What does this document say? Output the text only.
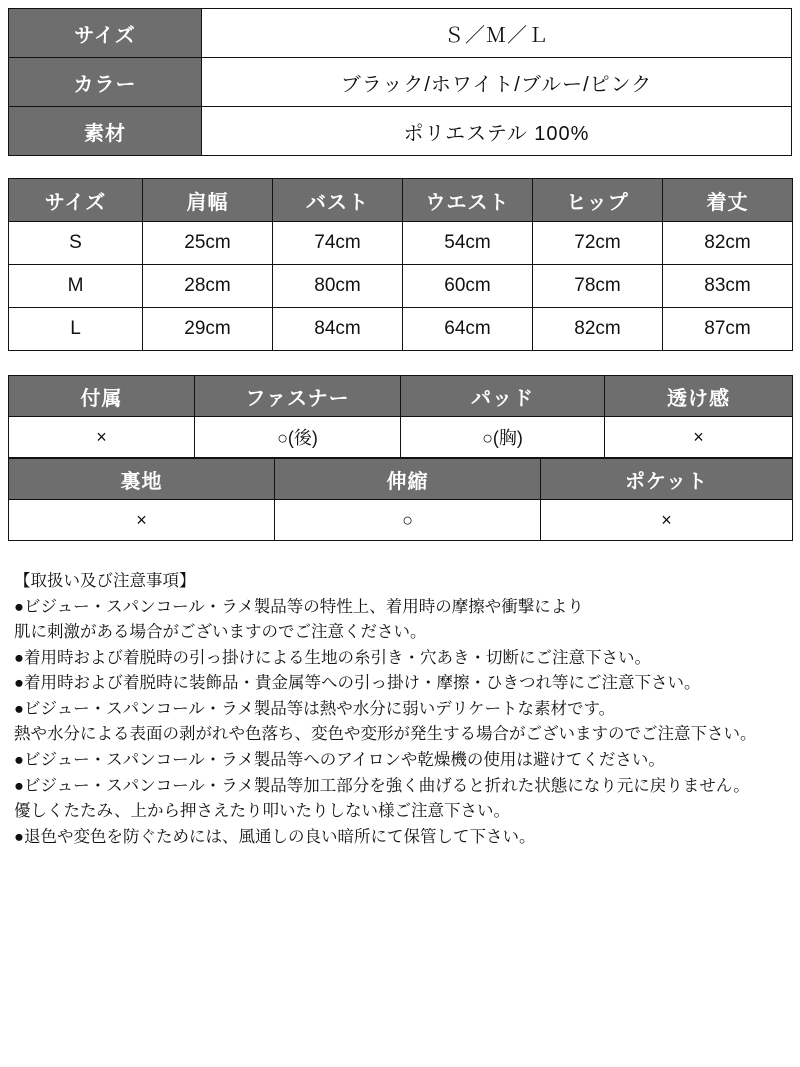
サイズ	Ｓ／Ｍ／Ｌ
カラー	ブラック/ホワイト/ブルー/ピンク
素材	ポリエステル 100%
サイズ	肩幅	バスト	ウエスト	ヒップ	着丈
S	25cm	74cm	54cm	72cm	82cm
M	28cm	80cm	60cm	78cm	83cm
L	29cm	84cm	64cm	82cm	87cm
付属	ファスナー	パッド	透け感
×	○(後)	○(胸)	×
裏地	伸縮	ポケット
×	○	×
【取扱い及び注意事項】
●ビジュー・スパンコール・ラメ製品等の特性上、着用時の摩擦や衝撃により
肌に刺激がある場合がございますのでご注意ください。
●着用時および着脱時の引っ掛けによる生地の糸引き・穴あき・切断にご注意下さい。
●着用時および着脱時に装飾品・貴金属等への引っ掛け・摩擦・ひきつれ等にご注意下さい。
●ビジュー・スパンコール・ラメ製品等は熱や水分に弱いデリケートな素材です。
熱や水分による表面の剥がれや色落ち、変色や変形が発生する場合がございますのでご注意下さい。
●ビジュー・スパンコール・ラメ製品等へのアイロンや乾燥機の使用は避けてください。
●ビジュー・スパンコール・ラメ製品等加工部分を強く曲げると折れた状態になり元に戻りません。
優しくたたみ、上から押さえたり叩いたりしない様ご注意下さい。
●退色や変色を防ぐためには、風通しの良い暗所にて保管して下さい。
